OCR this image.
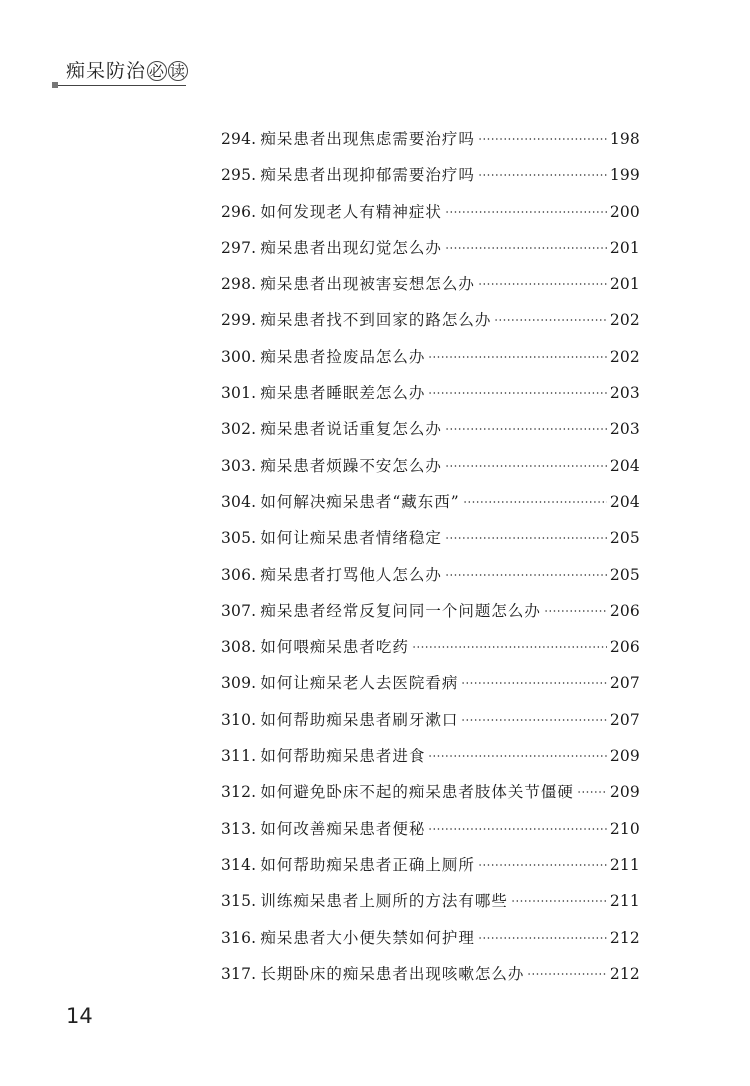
痴呆防治 必 读
294. 痴呆患者出现焦虑需要治疗吗	198
295. 痴呆患者出现抑郁需要治疗吗	199
296. 如何发现老人有精神症状	200
297. 痴呆患者出现幻觉怎么办	201
298. 痴呆患者出现被害妄想怎么办	201
299. 痴呆患者找不到回家的路怎么办	202
300. 痴呆患者捡废品怎么办	202
301. 痴呆患者睡眠差怎么办	203
302. 痴呆患者说话重复怎么办	203
303. 痴呆患者烦躁不安怎么办	204
304. 如何解决痴呆患者“藏东西”	204
305. 如何让痴呆患者情绪稳定	205
306. 痴呆患者打骂他人怎么办	205
307. 痴呆患者经常反复问同一个问题怎么办	206
308. 如何喂痴呆患者吃药	206
309. 如何让痴呆老人去医院看病	207
310. 如何帮助痴呆患者刷牙漱口	207
311. 如何帮助痴呆患者进食	209
312. 如何避免卧床不起的痴呆患者肢体关节僵硬 209
313. 如何改善痴呆患者便秘	210
314. 如何帮助痴呆患者正确上厕所	211
315. 训练痴呆患者上厕所的方法有哪些	211
316. 痴呆患者大小便失禁如何护理	212
317. 长期卧床的痴呆患者出现咳嗽怎么办	212
14
